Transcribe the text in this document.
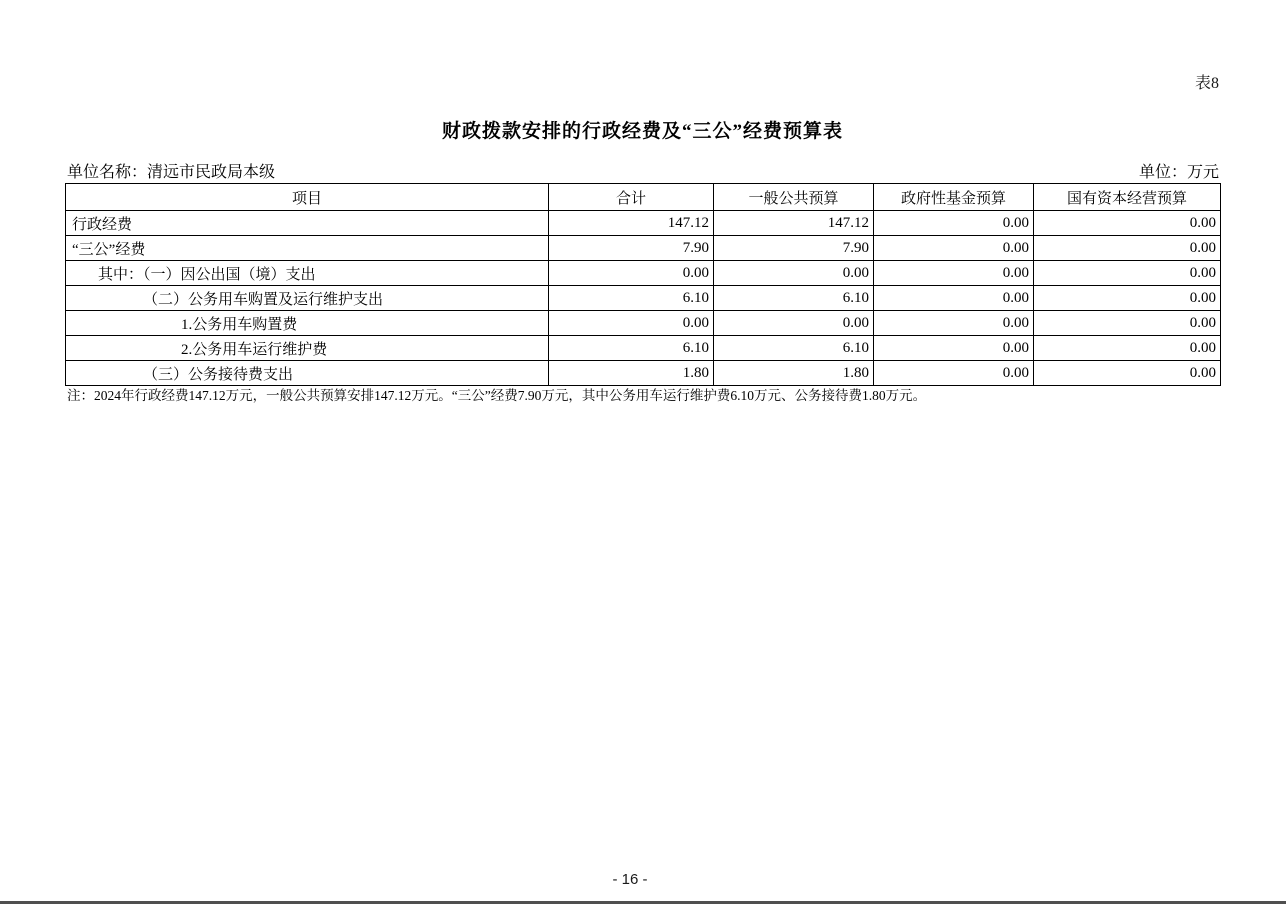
表8
财政拨款安排的行政经费及“三公”经费预算表
单位名称：清远市民政局本级	单位：万元
项目	合计	一般公共预算	政府性基金预算	国有资本经营预算
行政经费	147.12	147.12	0.00	0.00
“三公”经费	7.90	7.90	0.00	0.00
其中：（一）因公出国（境）支出	0.00	0.00	0.00	0.00
（二）公务用车购置及运行维护支出	6.10	6.10	0.00	0.00
1.公务用车购置费	0.00	0.00	0.00	0.00
2.公务用车运行维护费	6.10	6.10	0.00	0.00
（三）公务接待费支出	1.80	1.80	0.00	0.00
注：2024年行政经费147.12万元，一般公共预算安排147.12万元。“三公”经费7.90万元，其中公务用车运行维护费6.10万元、公务接待费1.80万元。
- 16 -
